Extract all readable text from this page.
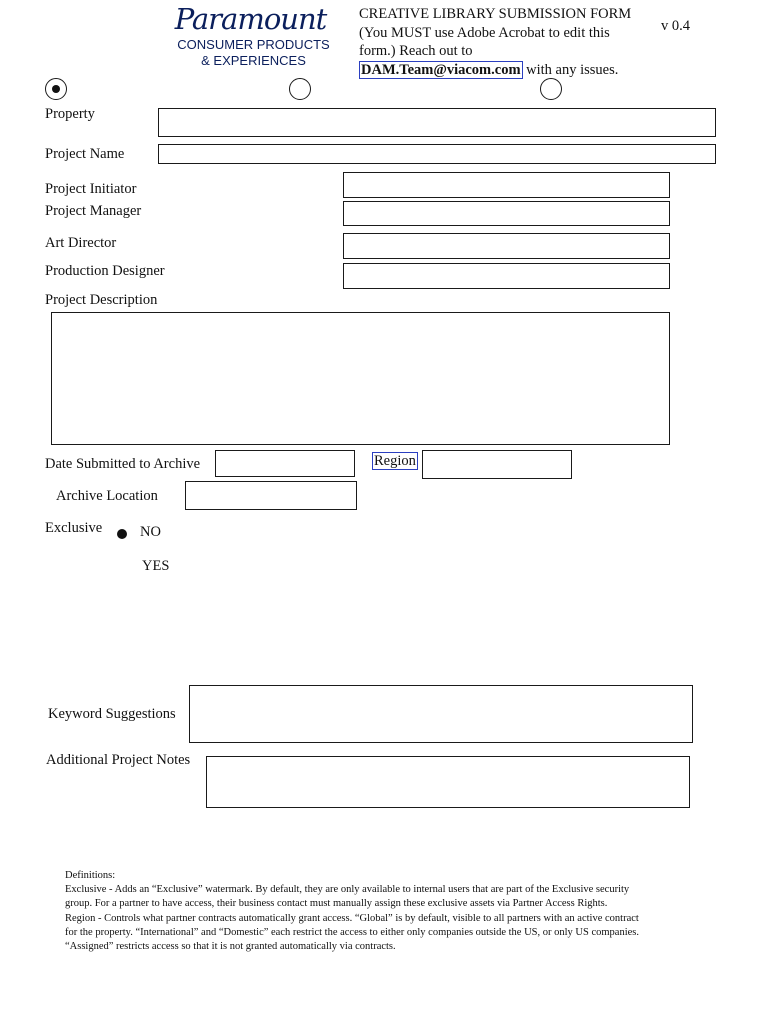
Paramount
CONSUMER PRODUCTS
& EXPERIENCES
CREATIVE LIBRARY SUBMISSION FORM
(You MUST use Adobe Acrobat to edit this
form.) Reach out to
DAM.Team@viacom.com with any issues.
v 0.4
Property
Project Name
Project Initiator
Project Manager
Art Director
Production Designer
Project Description
Date Submitted to Archive	Region
Archive Location
Exclusive	NO
YES
Keyword Suggestions
Additional Project Notes
Definitions:
Exclusive - Adds an “Exclusive” watermark. By default, they are only available to internal users that are part of the Exclusive security
group. For a partner to have access, their business contact must manually assign these exclusive assets via Partner Access Rights.
Region - Controls what partner contracts automatically grant access. “Global” is by default, visible to all partners with an active contract
for the property. “International” and “Domestic” each restrict the access to either only companies outside the US, or only US companies.
“Assigned” restricts access so that it is not granted automatically via contracts.
